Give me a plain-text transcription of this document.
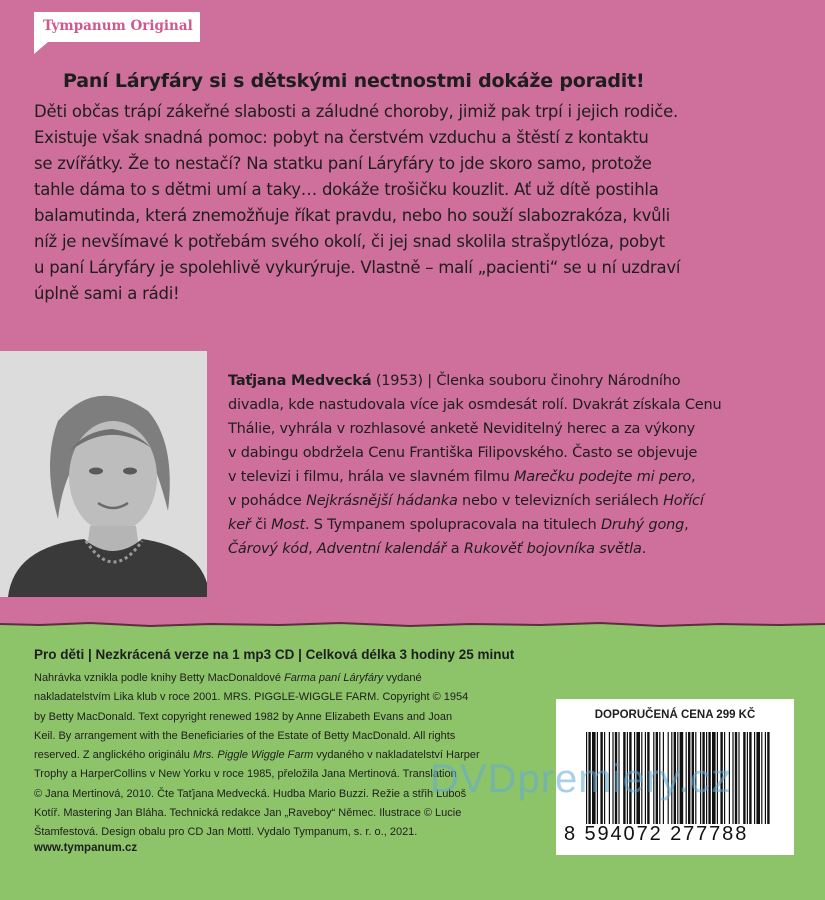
Tympanum Original
Paní Láryfáry si s dětskými nectnostmi dokáže poradit!
Děti občas trápí zákeřné slabosti a záludné choroby, jimiž pak trpí i jejich rodiče.
Existuje však snadná pomoc: pobyt na čerstvém vzduchu a štěstí z kontaktu
se zvířátky. Že to nestačí? Na statku paní Láryfáry to jde skoro samo, protože
tahle dáma to s dětmi umí a taky… dokáže trošičku kouzlit. Ať už dítě postihla
balamutinda, která znemožňuje říkat pravdu, nebo ho souží slabozrakóza, kvůli
níž je nevšímavé k potřebám svého okolí, či jej snad skolila strašpytlóza, pobyt
u paní Láryfáry je spolehlivě vykurýruje. Vlastně – malí „pacienti“ se u ní uzdraví
úplně sami a rádi!
Taťjana Medvecká (1953) | Členka souboru činohry Národního
divadla, kde nastudovala více jak osmdesát rolí. Dvakrát získala Cenu
Thálie, vyhrála v rozhlasové anketě Neviditelný herec a za výkony
v dabingu obdržela Cenu Františka Filipovského. Často se objevuje
v televizi i filmu, hrála ve slavném filmu Marečku podejte mi pero,
v pohádce Nejkrásnější hádanka nebo v televizních seriálech Hořící
keř či Most. S Tympanem spolupracovala na titulech Druhý gong,
Čárový kód, Adventní kalendář a Rukověť bojovníka světla.
Pro děti | Nezkrácená verze na 1 mp3 CD | Celková délka 3 hodiny 25 minut
Nahrávka vznikla podle knihy Betty MacDonaldové Farma paní Láryfáry vydané
nakladatelstvím Lika klub v roce 2001. MRS. PIGGLE-WIGGLE FARM. Copyright © 1954
by Betty MacDonald. Text copyright renewed 1982 by Anne Elizabeth Evans and Joan
Keil. By arrangement with the Beneficiaries of the Estate of Betty MacDonald. All rights
reserved. Z anglického originálu Mrs. Piggle Wiggle Farm vydaného v nakladatelství Harper
Trophy a HarperCollins v New Yorku v roce 1985, přeložila Jana Mertinová. Translation
© Jana Mertinová, 2010. Čte Taťjana Medvecká. Hudba Mario Buzzi. Režie a střih Luboš
Kotíř. Mastering Jan Bláha. Technická redakce Jan „Raveboy“ Němec. Ilustrace © Lucie
Štamfestová. Design obalu pro CD Jan Mottl. Vydalo Tympanum, s. r. o., 2021.
www.tympanum.cz
DOPORUČENÁ CENA 299 KČ
8 594072 277788
DVDpremiery.cz
